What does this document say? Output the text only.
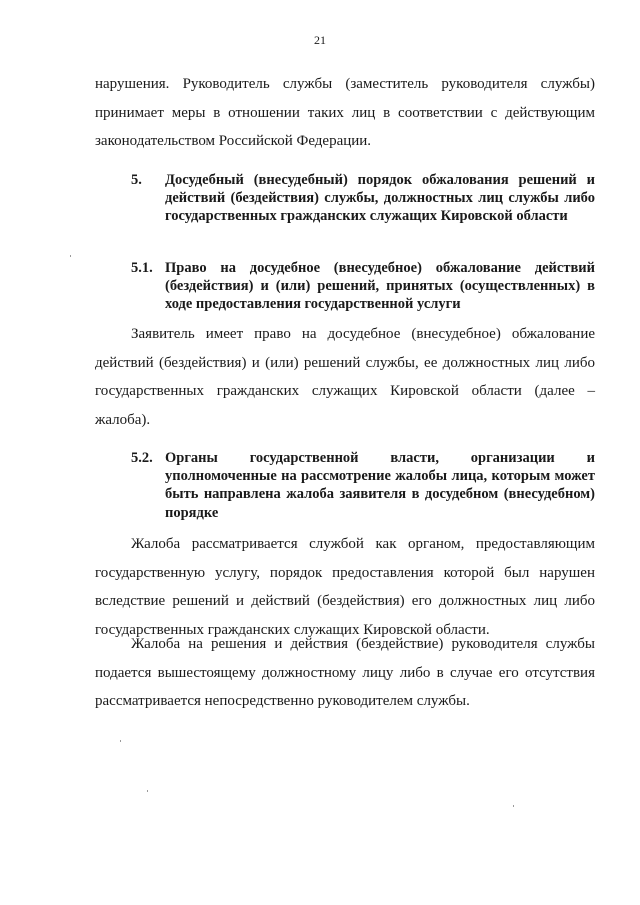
21

нарушения. Руководитель службы (заместитель руководителя службы) принимает меры в отношении таких лиц в соответствии с действующим законодательством Российской Федерации.

5. Досудебный (внесудебный) порядок обжалования решений и действий (бездействия) службы, должностных лиц службы либо государственных гражданских служащих Кировской области
5.1. Право на досудебное (внесудебное) обжалование действий (бездействия) и (или) решений, принятых (осуществленных) в ходе предоставления государственной услуги

Заявитель имеет право на досудебное (внесудебное) обжалование действий (бездействия) и (или) решений службы, ее должностных лиц либо государственных гражданских служащих Кировской области (далее – жалоба).

5.2. Органы государственной власти, организации и уполномоченные на рассмотрение жалобы лица, которым может быть направлена жалоба заявителя в досудебном (внесудебном) порядке

Жалоба рассматривается службой как органом, предоставляющим государственную услугу, порядок предоставления которой был нарушен вследствие решений и действий (бездействия) его должностных лиц либо государственных гражданских служащих Кировской области.

Жалоба на решения и действия (бездействие) руководителя службы подается вышестоящему должностному лицу либо в случае его отсутствия рассматривается непосредственно руководителем службы.
